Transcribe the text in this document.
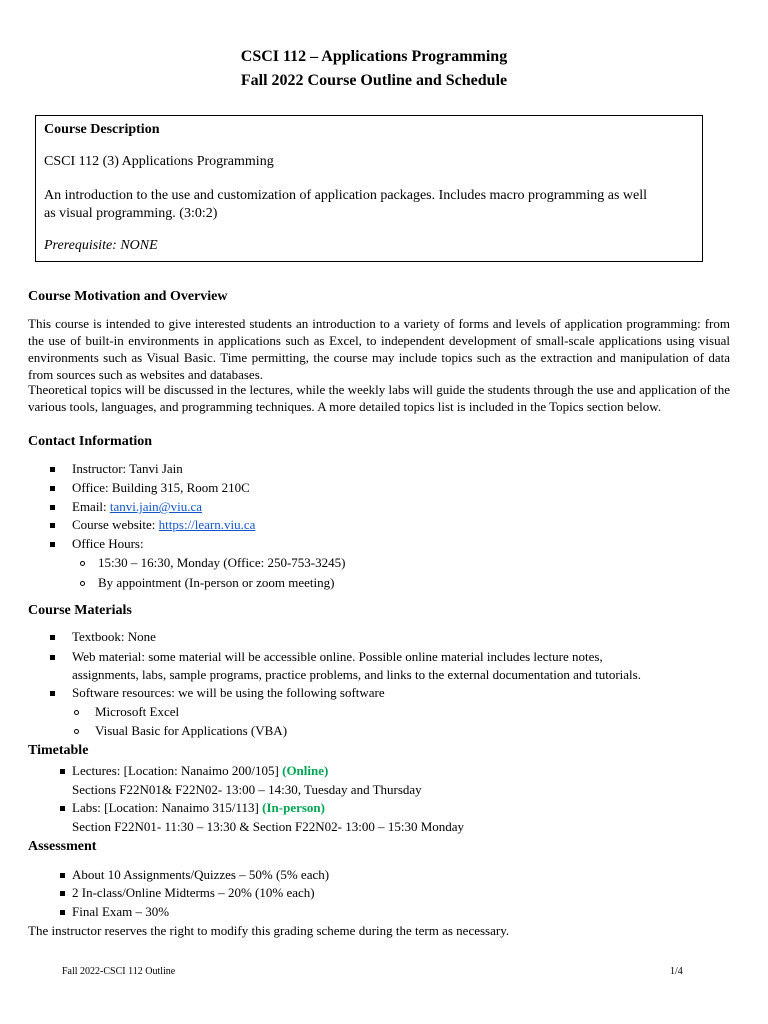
CSCI 112 – Applications Programming
Fall 2022 Course Outline and Schedule
Course Description
CSCI 112 (3) Applications Programming
An introduction to the use and customization of application packages. Includes macro programming as well
as visual programming. (3:0:2)
Prerequisite: NONE
Course Motivation and Overview
This course is intended to give interested students an introduction to a variety of forms and levels of application programming: from the use of built-in environments in applications such as Excel, to independent development of small-scale applications using visual environments such as Visual Basic. Time permitting, the course may include topics such as the extraction and manipulation of data from sources such as websites and databases.
Theoretical topics will be discussed in the lectures, while the weekly labs will guide the students through the use and application of the various tools, languages, and programming techniques. A more detailed topics list is included in the Topics section below.
Contact Information
Instructor: Tanvi Jain
Office: Building 315, Room 210C
Email: tanvi.jain@viu.ca
Course website: https://learn.viu.ca
Office Hours:
15:30 – 16:30, Monday (Office: 250-753-3245)
By appointment (In-person or zoom meeting)
Course Materials
Textbook: None
Web material: some material will be accessible online. Possible online material includes lecture notes,
assignments, labs, sample programs, practice problems, and links to the external documentation and tutorials.
Software resources: we will be using the following software
Microsoft Excel
Visual Basic for Applications (VBA)
Timetable
Lectures: [Location: Nanaimo 200/105] (Online)
Sections F22N01& F22N02- 13:00 – 14:30, Tuesday and Thursday
Labs: [Location: Nanaimo 315/113] (In-person)
Section F22N01- 11:30 – 13:30 & Section F22N02- 13:00 – 15:30 Monday
Assessment
About 10 Assignments/Quizzes – 50% (5% each)
2 In-class/Online Midterms – 20% (10% each)
Final Exam – 30%
The instructor reserves the right to modify this grading scheme during the term as necessary.
Fall 2022-CSCI 112 Outline	1/4
